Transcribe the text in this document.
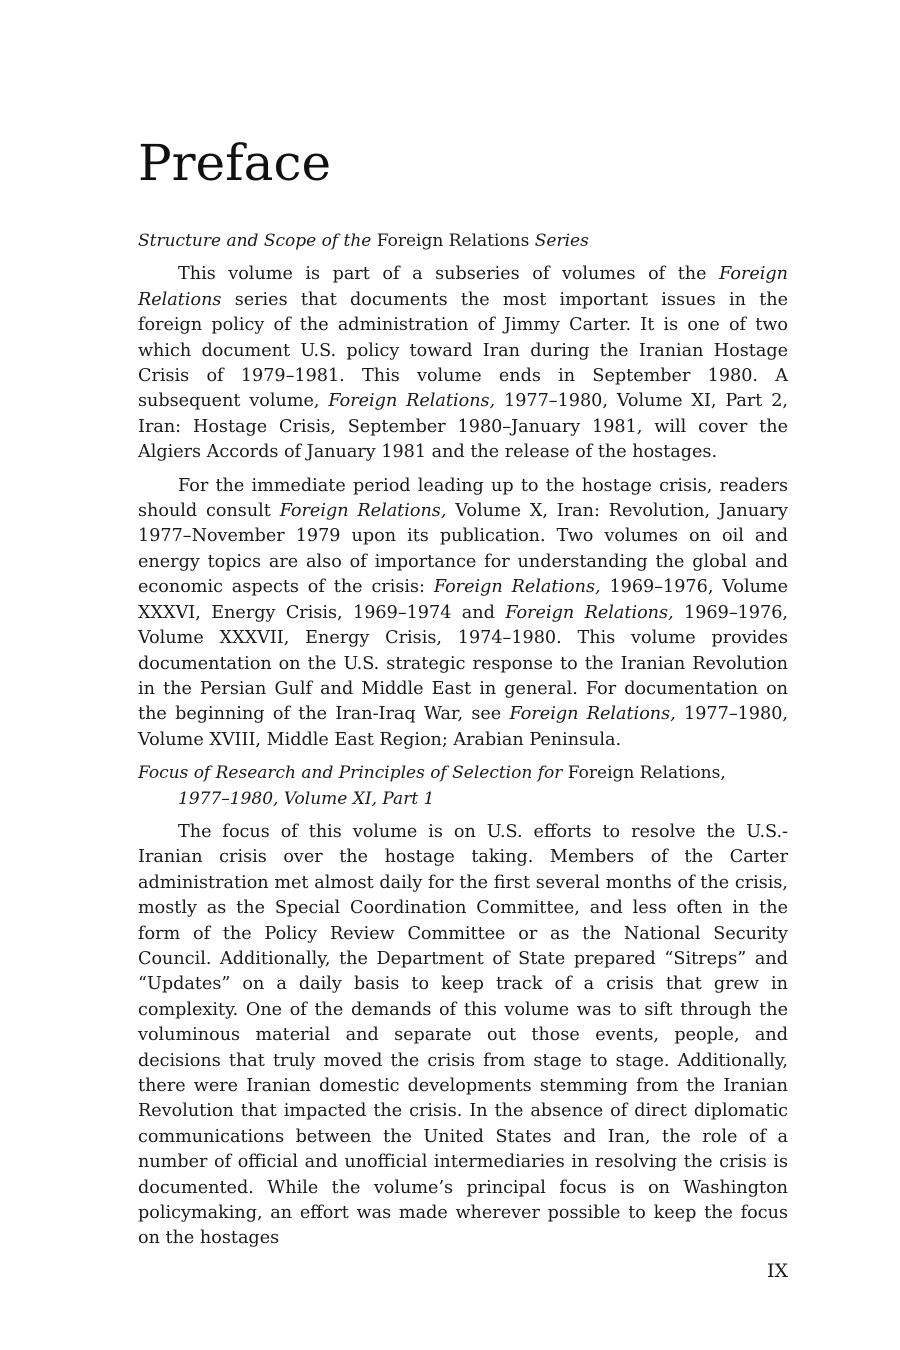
Preface

Structure and Scope of the Foreign Relations Series

This volume is part of a subseries of volumes of the Foreign Relations series that documents the most important issues in the foreign policy of the administration of Jimmy Carter. It is one of two which document U.S. policy toward Iran during the Iranian Hostage Crisis of 1979–1981. This volume ends in September 1980. A subsequent volume, Foreign Relations, 1977–1980, Volume XI, Part 2, Iran: Hostage Crisis, September 1980–January 1981, will cover the Algiers Accords of January 1981 and the release of the hostages.

For the immediate period leading up to the hostage crisis, readers should consult Foreign Relations, Volume X, Iran: Revolution, January 1977–November 1979 upon its publication. Two volumes on oil and energy topics are also of importance for understanding the global and economic aspects of the crisis: Foreign Relations, 1969–1976, Volume XXXVI, Energy Crisis, 1969–1974 and Foreign Relations, 1969–1976, Volume XXXVII, Energy Crisis, 1974–1980. This volume provides documentation on the U.S. strategic response to the Iranian Revolution in the Persian Gulf and Middle East in general. For documentation on the beginning of the Iran-Iraq War, see Foreign Relations, 1977–1980, Volume XVIII, Middle East Region; Arabian Peninsula.

Focus of Research and Principles of Selection for Foreign Relations,
1977–1980, Volume XI, Part 1

The focus of this volume is on U.S. efforts to resolve the U.S.-Iranian crisis over the hostage taking. Members of the Carter administration met almost daily for the first several months of the crisis, mostly as the Special Coordination Committee, and less often in the form of the Policy Review Committee or as the National Security Council. Additionally, the Department of State prepared “Sitreps” and “Updates” on a daily basis to keep track of a crisis that grew in complexity. One of the demands of this volume was to sift through the voluminous material and separate out those events, people, and decisions that truly moved the crisis from stage to stage. Additionally, there were Iranian domestic developments stemming from the Iranian Revolution that impacted the crisis. In the absence of direct diplomatic communications between the United States and Iran, the role of a number of official and unofficial intermediaries in resolving the crisis is documented. While the volume’s principal focus is on Washington policymaking, an effort was made wherever possible to keep the focus on the hostages

IX
